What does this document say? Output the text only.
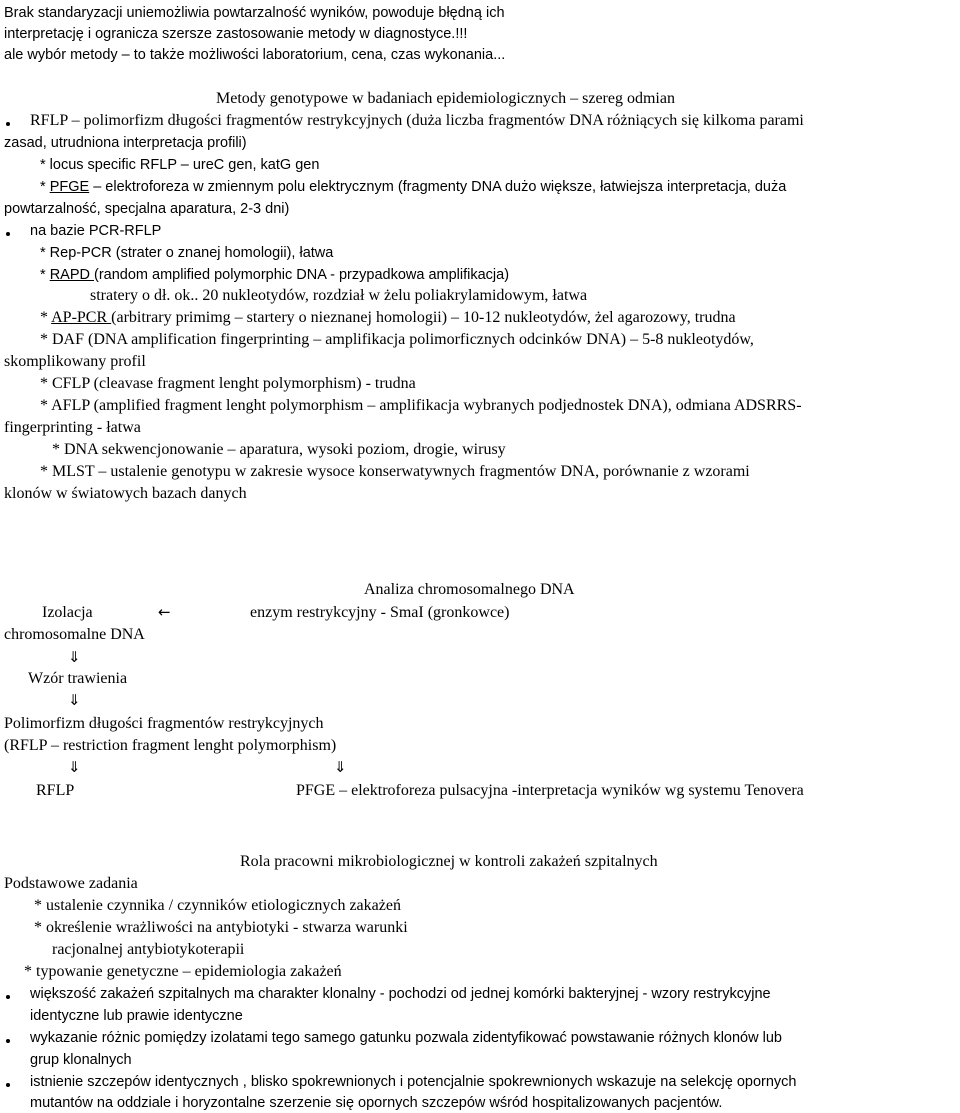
Brak standaryzacji uniemożliwia powtarzalność wyników, powoduje błędną ich
interpretację i ogranicza szersze zastosowanie metody w diagnostyce.!!!
ale wybór metody – to także możliwości laboratorium, cena, czas wykonania...
Metody genotypowe w badaniach epidemiologicznych – szereg odmian
RFLP – polimorfizm długości fragmentów restrykcyjnych (duża liczba fragmentów DNA różniących się kilkoma parami
zasad, utrudniona interpretacja profili)
* locus specific RFLP – ureC gen, katG gen
* PFGE – elektroforeza w zmiennym polu elektrycznym (fragmenty DNA dużo większe, łatwiejsza interpretacja, duża
powtarzalność, specjalna aparatura, 2-3 dni)
na bazie PCR-RFLP
* Rep-PCR (strater o znanej homologii), łatwa
* RAPD (random amplified polymorphic DNA - przypadkowa amplifikacja)
stratery o dł. ok.. 20 nukleotydów, rozdział w żelu poliakrylamidowym, łatwa
* AP-PCR (arbitrary primimg – startery o nieznanej homologii) – 10-12 nukleotydów, żel agarozowy, trudna
* DAF (DNA amplification fingerprinting – amplifikacja polimorficznych odcinków DNA) – 5-8 nukleotydów,
skomplikowany profil
* CFLP (cleavase fragment lenght polymorphism) - trudna
* AFLP (amplified fragment lenght polymorphism – amplifikacja wybranych podjednostek DNA), odmiana ADSRRS-
fingerprinting - łatwa
* DNA sekwencjonowanie – aparatura, wysoki poziom, drogie, wirusy
* MLST – ustalenie genotypu w zakresie wysoce konserwatywnych fragmentów DNA, porównanie z wzorami
klonów w światowych bazach danych
Analiza chromosomalnego DNA
Izolacja	←	enzym restrykcyjny - SmaI (gronkowce)
chromosomalne DNA
⇓
Wzór trawienia
⇓
Polimorfizm długości fragmentów restrykcyjnych
(RFLP – restriction fragment lenght polymorphism)
⇓	⇓
RFLP	PFGE – elektroforeza pulsacyjna -interpretacja wyników wg systemu Tenovera
Rola pracowni mikrobiologicznej w kontroli zakażeń szpitalnych
Podstawowe zadania
* ustalenie czynnika / czynników etiologicznych zakażeń
* określenie wrażliwości na antybiotyki - stwarza warunki
racjonalnej antybiotykoterapii
* typowanie genetyczne – epidemiologia zakażeń
większość zakażeń szpitalnych ma charakter klonalny - pochodzi od jednej komórki bakteryjnej - wzory restrykcyjne
identyczne lub prawie identyczne
wykazanie różnic pomiędzy izolatami tego samego gatunku pozwala zidentyfikować powstawanie różnych klonów lub
grup klonalnych
istnienie szczepów identycznych , blisko spokrewnionych i potencjalnie spokrewnionych wskazuje na selekcję opornych
mutantów na oddziale i horyzontalne szerzenie się opornych szczepów wśród hospitalizowanych pacjentów.
